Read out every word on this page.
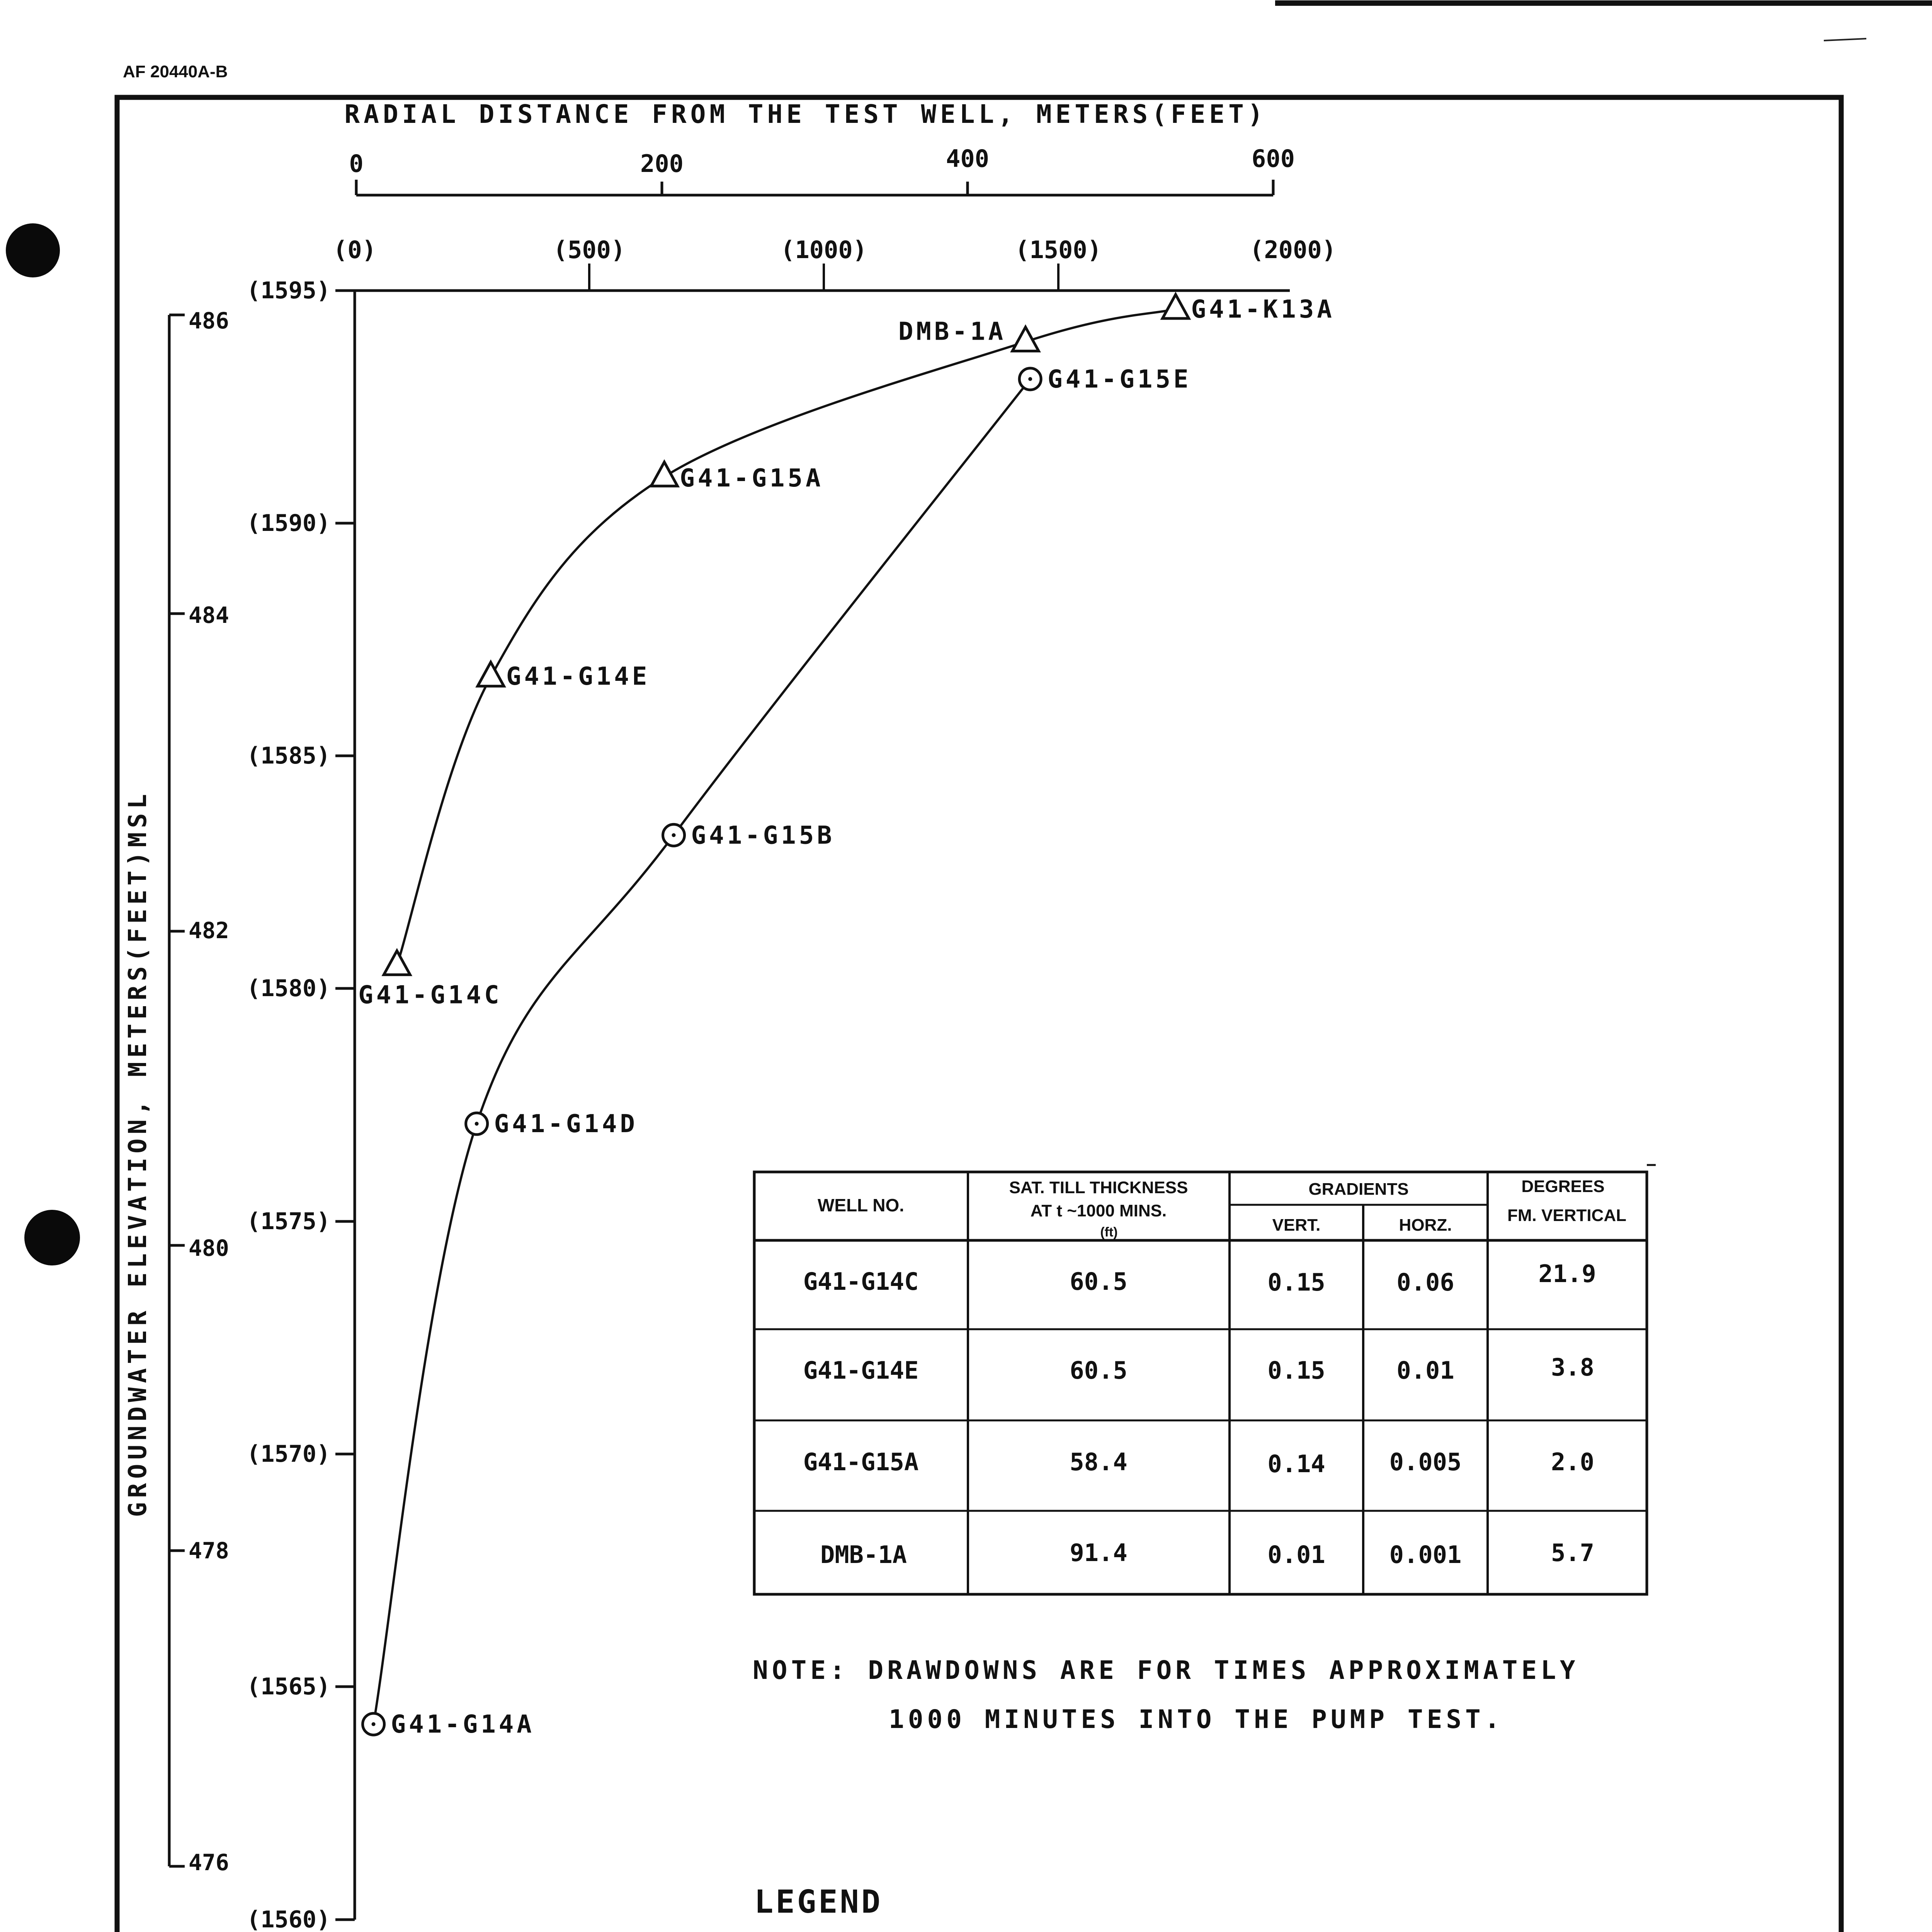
AF 20440A-B
RADIAL DISTANCE FROM THE TEST WELL, METERS(FEET)
0	200	400	600
(0)	(500)	(1000)	(1500)	(2000)
(1595)
(1590)
(1585)
(1580)
(1575)
(1570)
(1565)
(1560)
486
484
482
480
478
476
GROUNDWATER ELEVATION, METERS(FEET)MSL	G41-G14C
G41-G14E
G41-G15A
DMB-1A
G41-K13A
G41-G14A
G41-G14D
G41-G15B
G41-G15E
WELL NO.
SAT. TILL THICKNESS
AT t ~1000 MINS.
(ft)
GRADIENTS
VERT.	HORZ.
DEGREES
FM. VERTICAL
G41-G14C	60.5	0.15	0.06	21.9
G41-G14E	60.5	0.15	0.01	3.8
G41-G15A	58.4	0.14	0.005	2.0
DMB-1A	91.4	0.01	0.001	5.7
NOTE: DRAWDOWNS ARE FOR TIMES APPROXIMATELY
1000 MINUTES INTO THE PUMP TEST.
LEGEND
